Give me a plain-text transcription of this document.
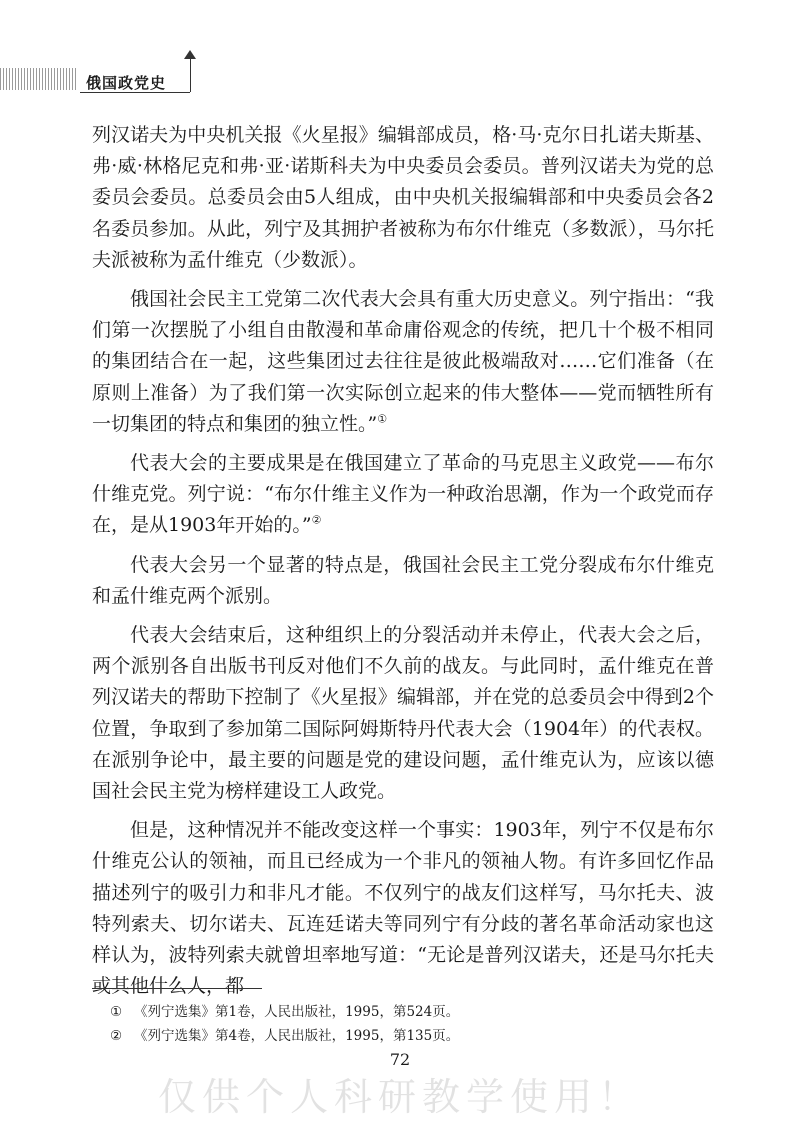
俄国政党史

列汉诺夫为中央机关报《火星报》编辑部成员，格·马·克尔日扎诺夫斯基、弗·威·林格尼克和弗·亚·诺斯科夫为中央委员会委员。普列汉诺夫为党的总委员会委员。总委员会由5人组成，由中央机关报编辑部和中央委员会各2名委员参加。从此，列宁及其拥护者被称为布尔什维克（多数派），马尔托夫派被称为孟什维克（少数派）。

俄国社会民主工党第二次代表大会具有重大历史意义。列宁指出：“我们第一次摆脱了小组自由散漫和革命庸俗观念的传统，把几十个极不相同的集团结合在一起，这些集团过去往往是彼此极端敌对……它们准备（在原则上准备）为了我们第一次实际创立起来的伟大整体——党而牺牲所有一切集团的特点和集团的独立性。”①

代表大会的主要成果是在俄国建立了革命的马克思主义政党——布尔什维克党。列宁说：“布尔什维主义作为一种政治思潮，作为一个政党而存在，是从1903年开始的。”②

代表大会另一个显著的特点是，俄国社会民主工党分裂成布尔什维克和孟什维克两个派别。

代表大会结束后，这种组织上的分裂活动并未停止，代表大会之后，两个派别各自出版书刊反对他们不久前的战友。与此同时，孟什维克在普列汉诺夫的帮助下控制了《火星报》编辑部，并在党的总委员会中得到2个位置，争取到了参加第二国际阿姆斯特丹代表大会（1904年）的代表权。在派别争论中，最主要的问题是党的建设问题，孟什维克认为，应该以德国社会民主党为榜样建设工人政党。

但是，这种情况并不能改变这样一个事实：1903年，列宁不仅是布尔什维克公认的领袖，而且已经成为一个非凡的领袖人物。有许多回忆作品描述列宁的吸引力和非凡才能。不仅列宁的战友们这样写，马尔托夫、波特列索夫、切尔诺夫、瓦连廷诺夫等同列宁有分歧的著名革命活动家也这样认为，波特列索夫就曾坦率地写道：“无论是普列汉诺夫，还是马尔托夫或其他什么人，都

① 《列宁选集》第1卷，人民出版社，1995，第524页。
② 《列宁选集》第4卷，人民出版社，1995，第135页。
72
仅供个人科研教学使用！
